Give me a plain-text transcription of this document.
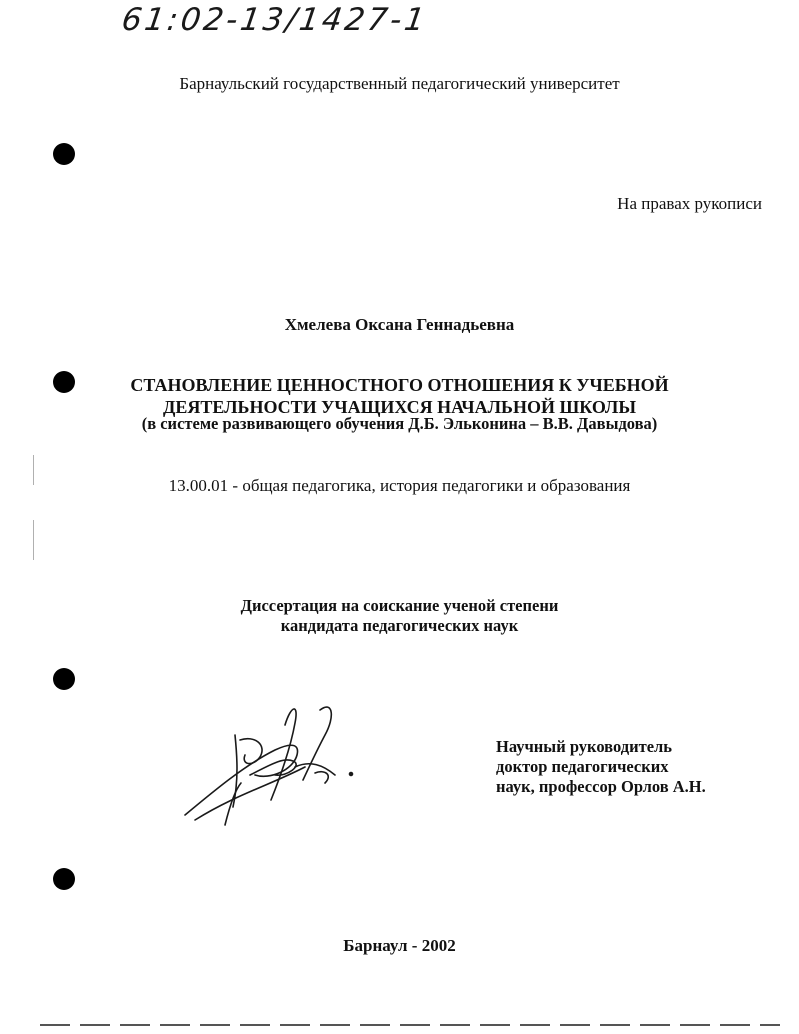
61:02-13/1427-1
Барнаульский государственный педагогический университет
На правах рукописи
Хмелева Оксана Геннадьевна
СТАНОВЛЕНИЕ ЦЕННОСТНОГО ОТНОШЕНИЯ К УЧЕБНОЙ
ДЕЯТЕЛЬНОСТИ УЧАЩИХСЯ НАЧАЛЬНОЙ ШКОЛЫ
(в системе развивающего обучения Д.Б. Эльконина – В.В. Давыдова)
13.00.01 - общая педагогика, история педагогики и образования
Диссертация на соискание ученой степени
кандидата педагогических наук
Научный руководитель
доктор педагогических
наук, профессор Орлов А.Н.
Барнаул - 2002
